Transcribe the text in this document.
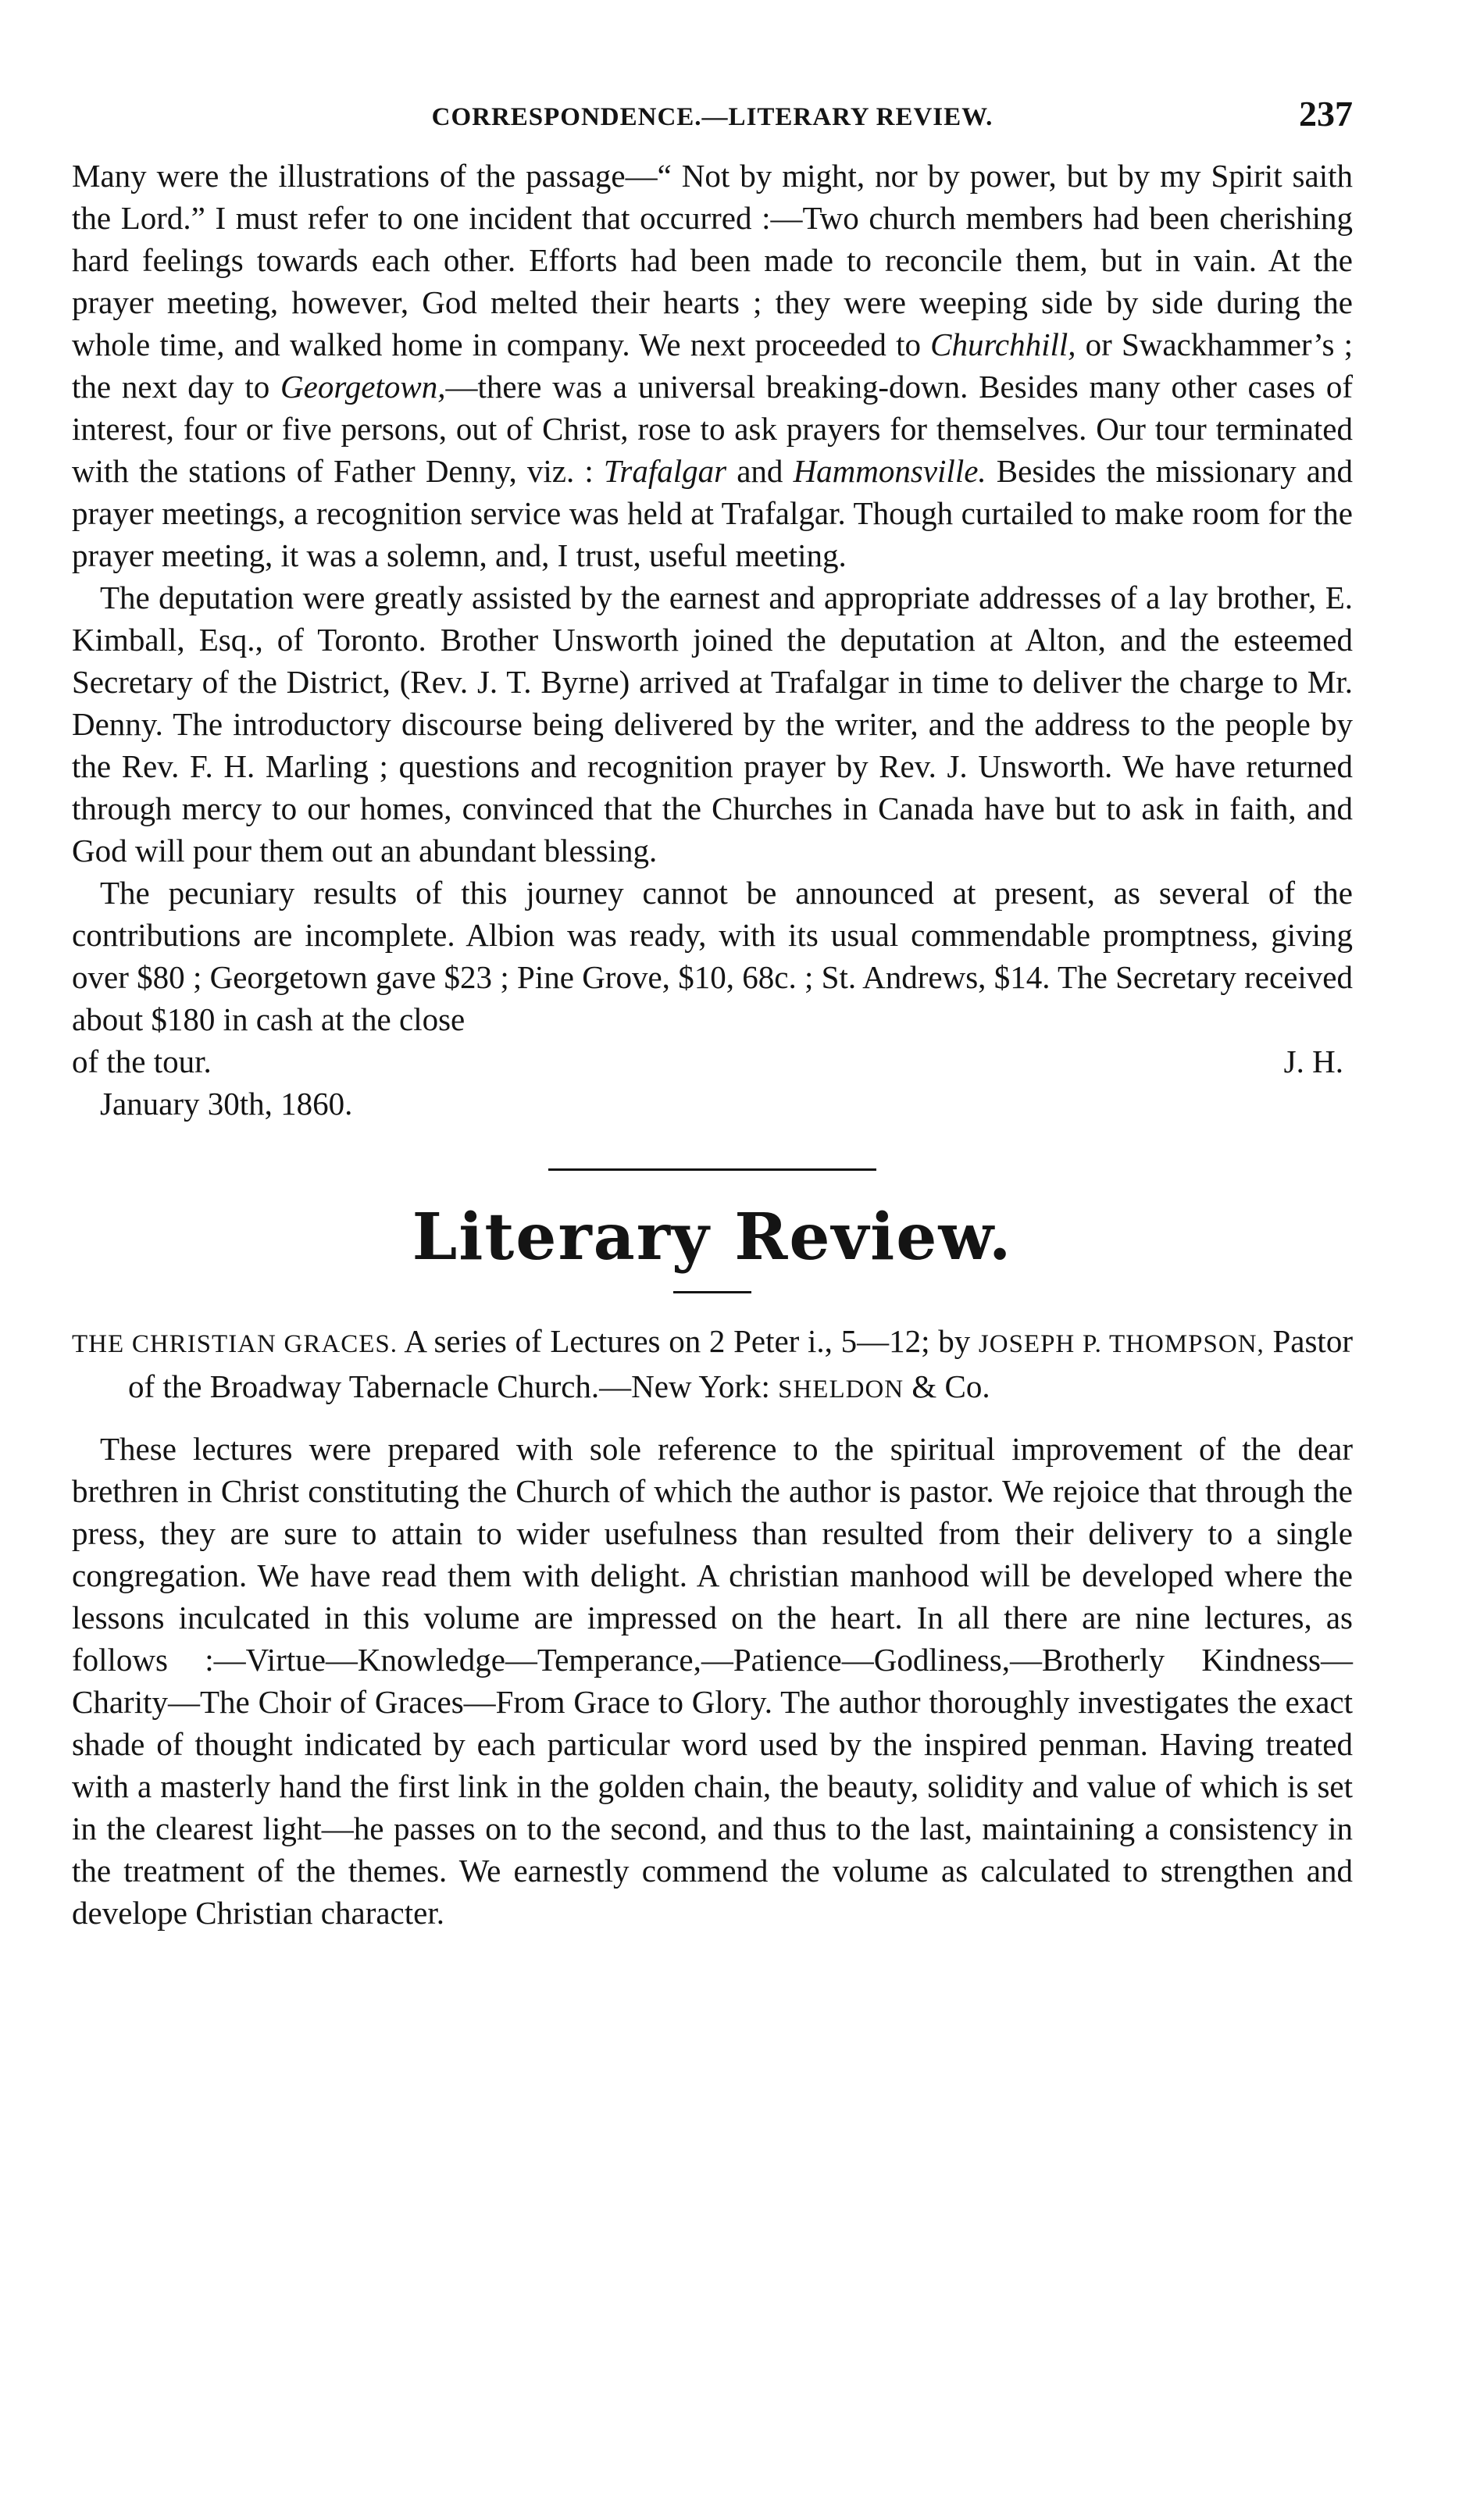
CORRESPONDENCE.—LITERARY REVIEW.	237

Many were the illustrations of the passage—“ Not by might, nor by power, but by my Spirit saith the Lord.” I must refer to one incident that occurred :—Two church members had been cherishing hard feelings towards each other. Efforts had been made to reconcile them, but in vain. At the prayer meeting, however, God melted their hearts ; they were weeping side by side during the whole time, and walked home in company. We next proceeded to Churchhill, or Swackhammer’s ; the next day to Georgetown,—there was a universal breaking-down. Besides many other cases of interest, four or five persons, out of Christ, rose to ask prayers for themselves. Our tour terminated with the stations of Father Denny, viz. : Trafalgar and Hammonsville. Besides the missionary and prayer meetings, a recognition service was held at Trafalgar. Though curtailed to make room for the prayer meeting, it was a solemn, and, I trust, useful meeting.

The deputation were greatly assisted by the earnest and appropriate addresses of a lay brother, E. Kimball, Esq., of Toronto. Brother Unsworth joined the deputation at Alton, and the esteemed Secretary of the District, (Rev. J. T. Byrne) arrived at Trafalgar in time to deliver the charge to Mr. Denny. The introductory discourse being delivered by the writer, and the address to the people by the Rev. F. H. Marling ; questions and recognition prayer by Rev. J. Unsworth. We have returned through mercy to our homes, convinced that the Churches in Canada have but to ask in faith, and God will pour them out an abundant blessing.

The pecuniary results of this journey cannot be announced at present, as several of the contributions are incomplete. Albion was ready, with its usual commendable promptness, giving over $80 ; Georgetown gave $23 ; Pine Grove, $10, 68c. ; St. Andrews, $14. The Secretary received about $180 in cash at the close

of the tour.	J. H.
January 30th, 1860.
Literary Review.

THE CHRISTIAN GRACES. A series of Lectures on 2 Peter i., 5—12; by JOSEPH P. THOMPSON, Pastor of the Broadway Tabernacle Church.—New York: SHELDON & Co.

These lectures were prepared with sole reference to the spiritual improvement of the dear brethren in Christ constituting the Church of which the author is pastor. We rejoice that through the press, they are sure to attain to wider usefulness than resulted from their delivery to a single congregation. We have read them with delight. A christian manhood will be developed where the lessons inculcated in this volume are impressed on the heart. In all there are nine lectures, as follows :—Virtue—Knowledge—Temperance,—Patience—Godliness,—Brotherly Kindness—Charity—The Choir of Graces—From Grace to Glory. The author thoroughly investigates the exact shade of thought indicated by each particular word used by the inspired penman. Having treated with a masterly hand the first link in the golden chain, the beauty, solidity and value of which is set in the clearest light—he passes on to the second, and thus to the last, maintaining a consistency in the treatment of the themes. We earnestly commend the volume as calculated to strengthen and develope Christian character.
